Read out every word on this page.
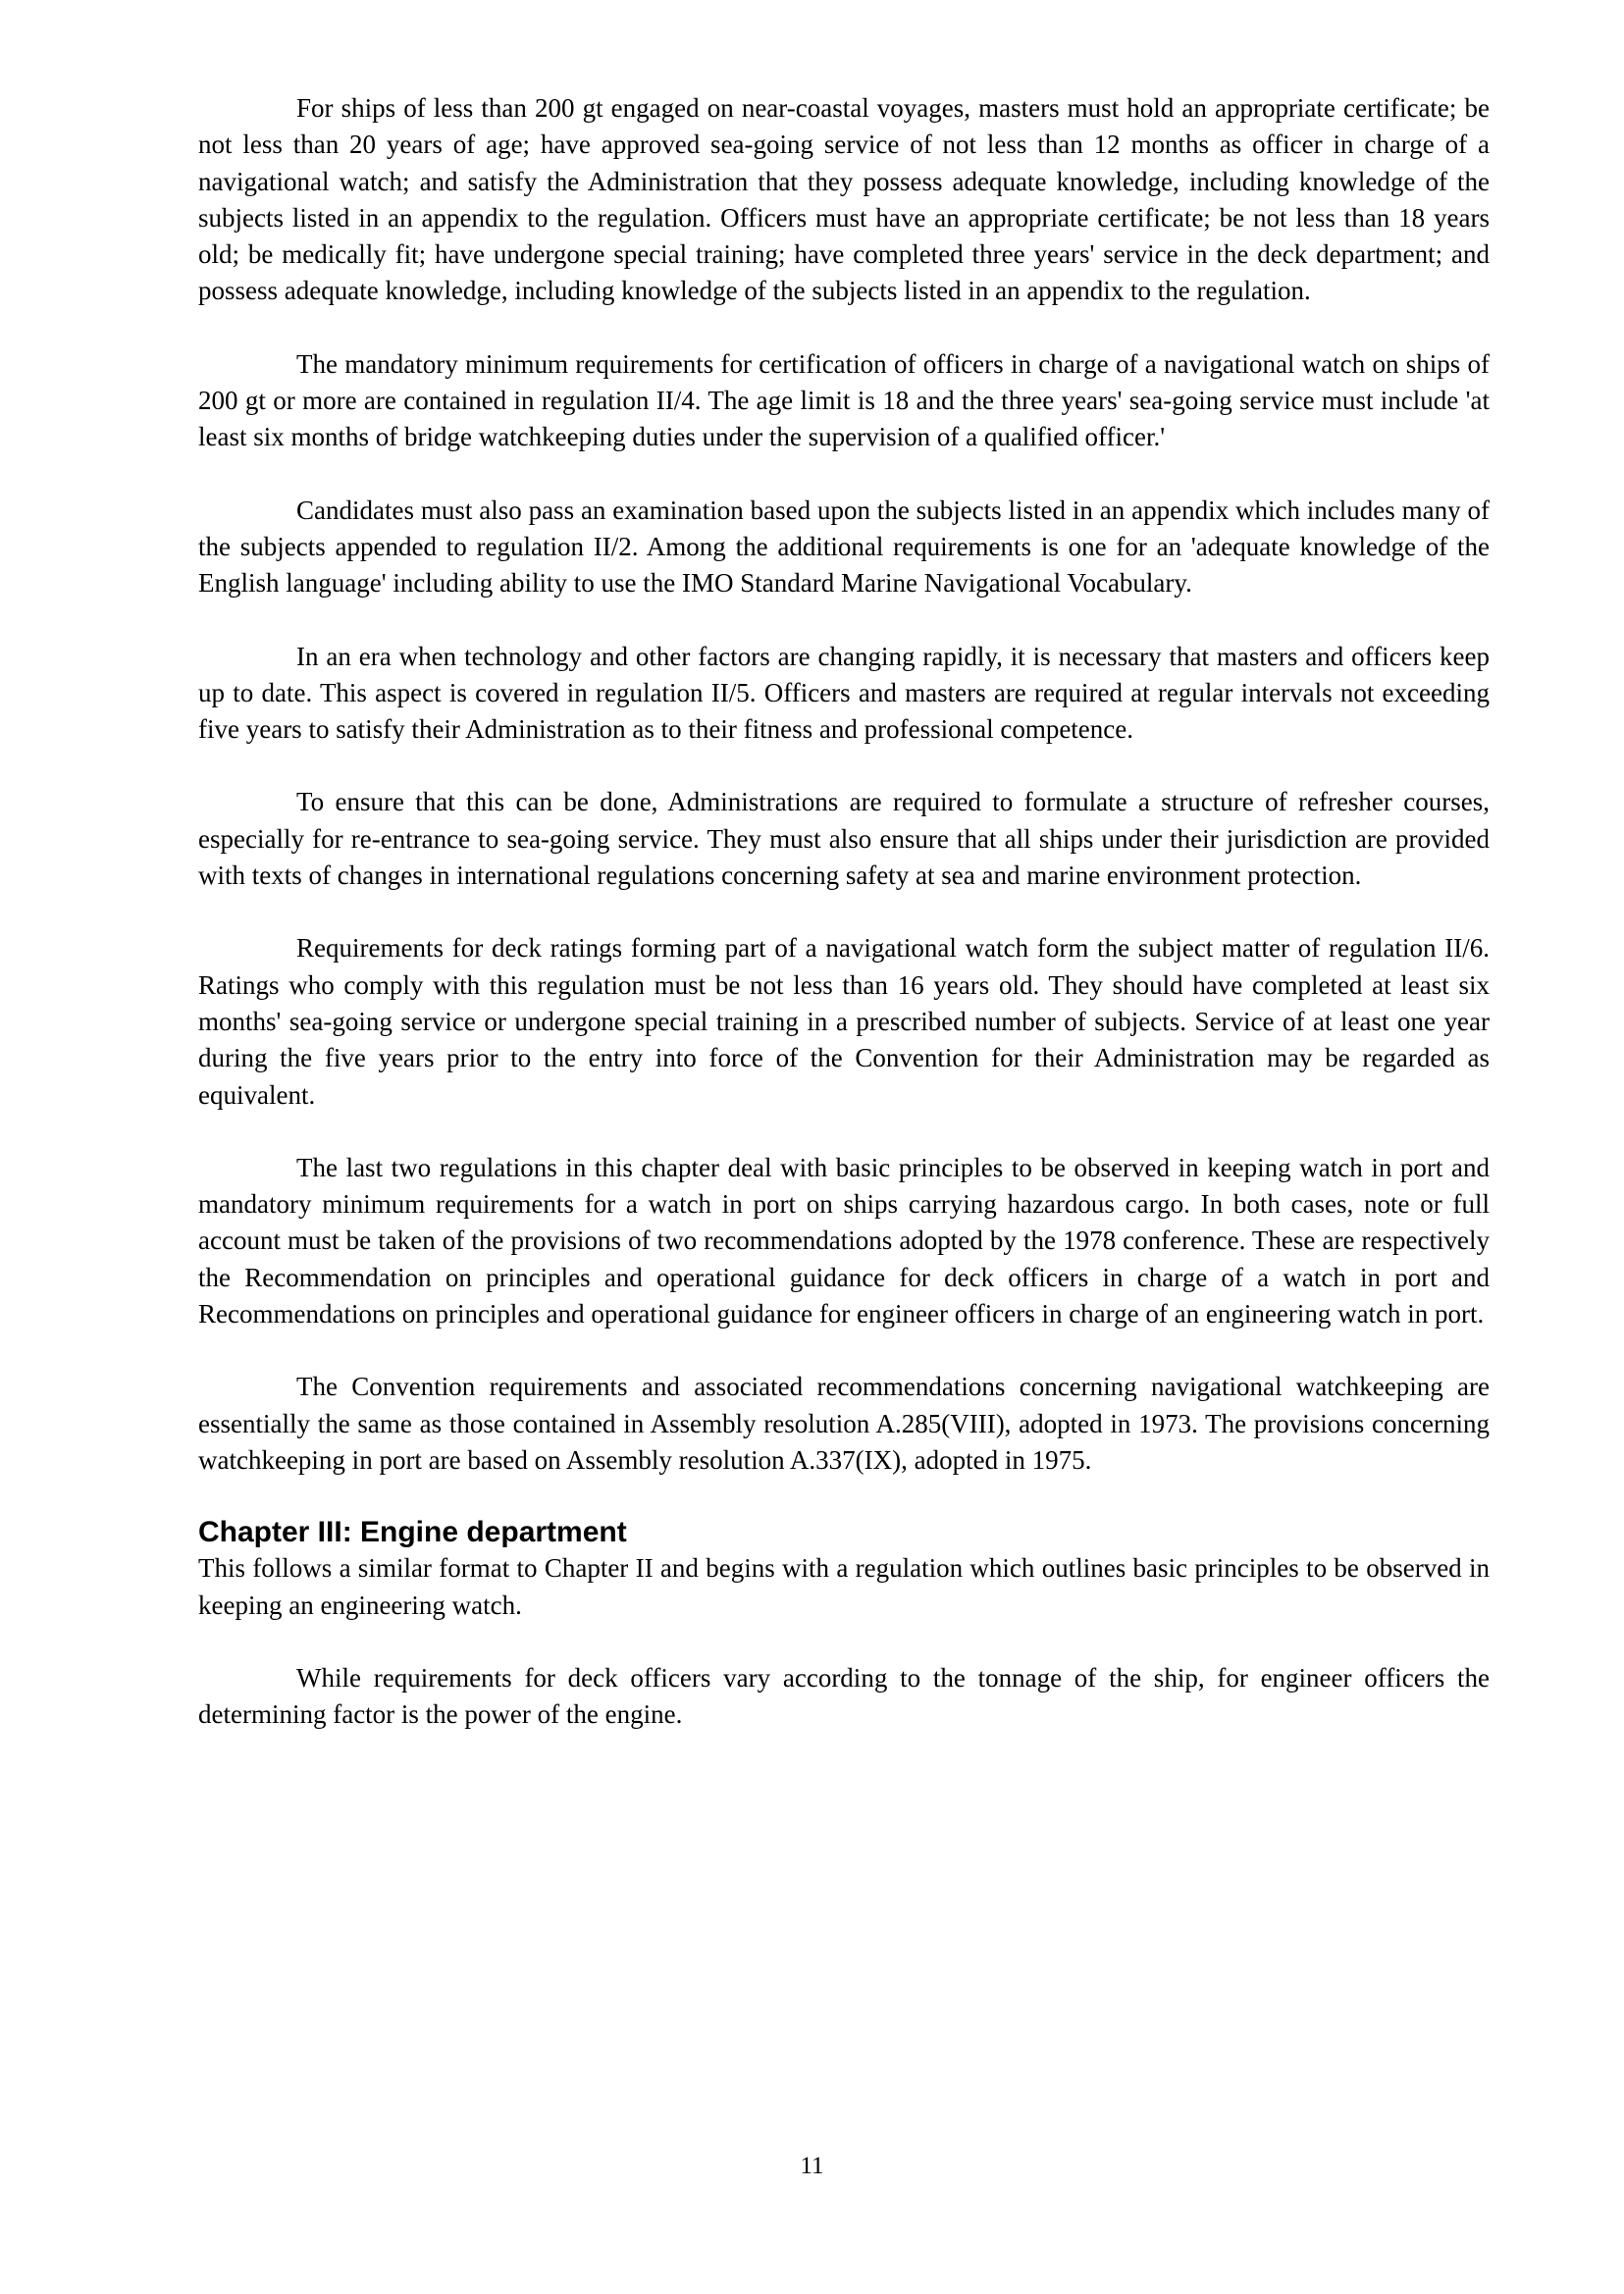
For ships of less than 200 gt engaged on near-coastal voyages, masters must hold an appropriate certificate; be not less than 20 years of age; have approved sea-going service of not less than 12 months as officer in charge of a navigational watch; and satisfy the Administration that they possess adequate knowledge, including knowledge of the subjects listed in an appendix to the regulation. Officers must have an appropriate certificate; be not less than 18 years old; be medically fit; have undergone special training; have completed three years' service in the deck department; and possess adequate knowledge, including knowledge of the subjects listed in an appendix to the regulation.

The mandatory minimum requirements for certification of officers in charge of a navigational watch on ships of 200 gt or more are contained in regulation II/4. The age limit is 18 and the three years' sea-going service must include 'at least six months of bridge watchkeeping duties under the supervision of a qualified officer.'

Candidates must also pass an examination based upon the subjects listed in an appendix which includes many of the subjects appended to regulation II/2. Among the additional requirements is one for an 'adequate knowledge of the English language' including ability to use the IMO Standard Marine Navigational Vocabulary.

In an era when technology and other factors are changing rapidly, it is necessary that masters and officers keep up to date. This aspect is covered in regulation II/5. Officers and masters are required at regular intervals not exceeding five years to satisfy their Administration as to their fitness and professional competence.

To ensure that this can be done, Administrations are required to formulate a structure of refresher courses, especially for re-entrance to sea-going service. They must also ensure that all ships under their jurisdiction are provided with texts of changes in international regulations concerning safety at sea and marine environment protection.

Requirements for deck ratings forming part of a navigational watch form the subject matter of regulation II/6. Ratings who comply with this regulation must be not less than 16 years old. They should have completed at least six months' sea-going service or undergone special training in a prescribed number of subjects. Service of at least one year during the five years prior to the entry into force of the Convention for their Administration may be regarded as equivalent.

The last two regulations in this chapter deal with basic principles to be observed in keeping watch in port and mandatory minimum requirements for a watch in port on ships carrying hazardous cargo. In both cases, note or full account must be taken of the provisions of two recommendations adopted by the 1978 conference. These are respectively the Recommendation on principles and operational guidance for deck officers in charge of a watch in port and Recommendations on principles and operational guidance for engineer officers in charge of an engineering watch in port.

The Convention requirements and associated recommendations concerning navigational watchkeeping are essentially the same as those contained in Assembly resolution A.285(VIII), adopted in 1973. The provisions concerning watchkeeping in port are based on Assembly resolution A.337(IX), adopted in 1975.

Chapter III: Engine department

This follows a similar format to Chapter II and begins with a regulation which outlines basic principles to be observed in keeping an engineering watch.

While requirements for deck officers vary according to the tonnage of the ship, for engineer officers the determining factor is the power of the engine.

11
